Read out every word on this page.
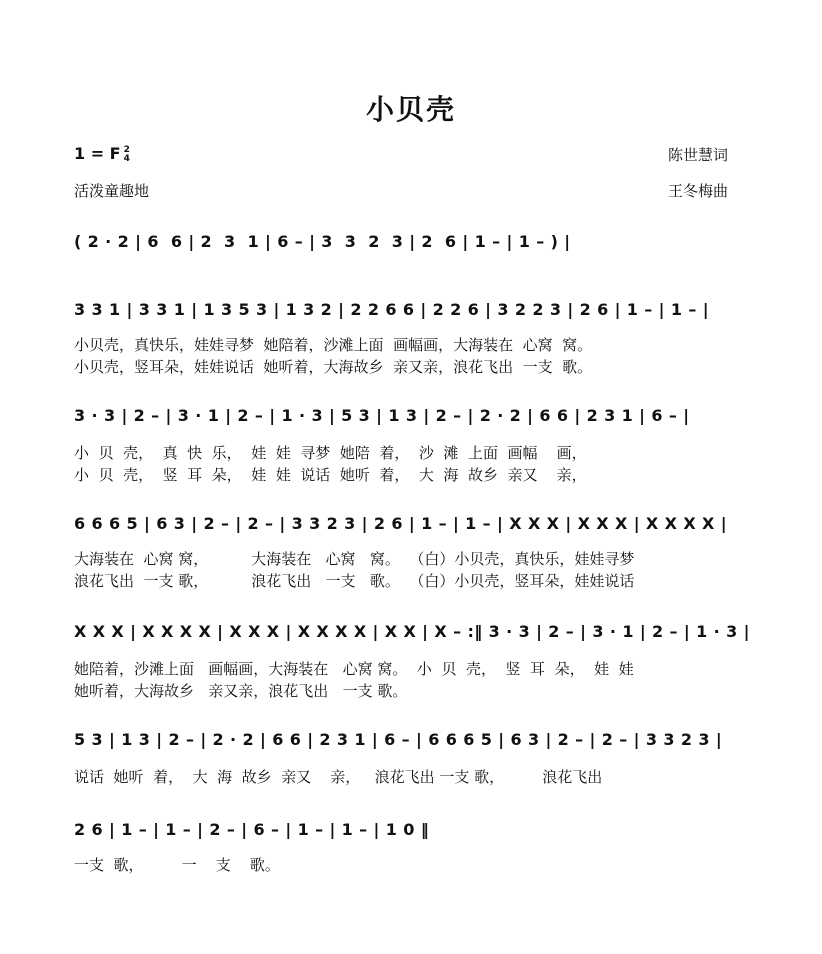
小贝壳
1 = F 2
4	陈世慧词
活泼童趣地	王冬梅曲
( 2 · 2 | 6  6 | 2  3  1 | 6 – | 3  3  2  3 | 2  6 | 1 – | 1 – ) |
3 3 1 | 3 3 1 | 1 3 5 3 | 1 3 2 | 2 2 6 6 | 2 2 6 | 3 2 2 3 | 2 6 | 1 – | 1 – |
小贝壳，真快乐，娃娃寻梦  她陪着，沙滩上面  画幅画，大海装在  心窝  窝。
小贝壳，竖耳朵，娃娃说话  她听着，大海故乡  亲又亲，浪花飞出  一支  歌。
3 · 3 | 2 – | 3 · 1 | 2 – | 1 · 3 | 5 3 | 1 3 | 2 – | 2 · 2 | 6 6 | 2 3 1 | 6 – |
小  贝  壳，  真  快  乐，  娃  娃  寻梦  她陪  着，  沙  滩  上面  画幅    画，
小  贝  壳，  竖  耳  朵，  娃  娃  说话  她听  着，  大  海  故乡  亲又    亲，
6 6 6 5 | 6 3 | 2 – | 2 – | 3 3 2 3 | 2 6 | 1 – | 1 – | X X X | X X X | X X X X |
大海装在  心窝 窝，         大海装在   心窝   窝。  （白）小贝壳，真快乐，娃娃寻梦
浪花飞出  一支 歌，         浪花飞出   一支   歌。  （白）小贝壳，竖耳朵，娃娃说话
X X X | X X X X | X X X | X X X X | X X | X – :‖ 3 · 3 | 2 – | 3 · 1 | 2 – | 1 · 3 |
她陪着，沙滩上面   画幅画，大海装在   心窝 窝。  小  贝  壳，  竖  耳  朵，  娃  娃
她听着，大海故乡   亲又亲，浪花飞出   一支 歌。
5 3 | 1 3 | 2 – | 2 · 2 | 6 6 | 2 3 1 | 6 – | 6 6 6 5 | 6 3 | 2 – | 2 – | 3 3 2 3 |
说话  她听  着，  大  海  故乡  亲又    亲，   浪花飞出 一支 歌，        浪花飞出
2 6 | 1 – | 1 – | 2 – | 6 – | 1 – | 1 – | 1 0 ‖
一支  歌，        一    支    歌。
